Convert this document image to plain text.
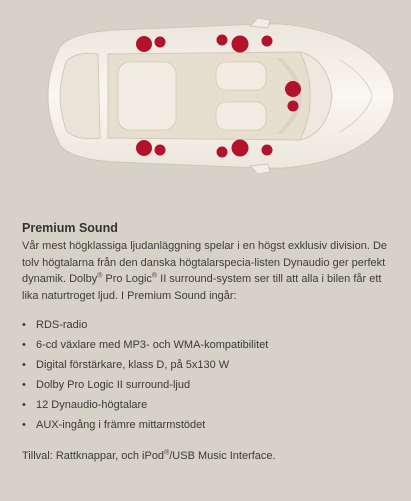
Premium Sound

Vår mest högklassiga ljudanläggning spelar i en högst exklusiv division. De tolv högtalarna från den danska högtalarspecia-listen Dynaudio ger perfekt dynamik. Dolby® Pro Logic® II surround-system ser till att alla i bilen får ett lika naturtroget ljud. I Premium Sound ingår:

• RDS-radio
• 6-cd växlare med MP3- och WMA-kompatibilitet
• Digital förstärkare, klass D, på 5x130 W
• Dolby Pro Logic II surround-ljud
• 12 Dynaudio-högtalare
• AUX-ingång i främre mittarmstödet
Tillval: Rattknappar, och iPod®/USB Music Interface.
